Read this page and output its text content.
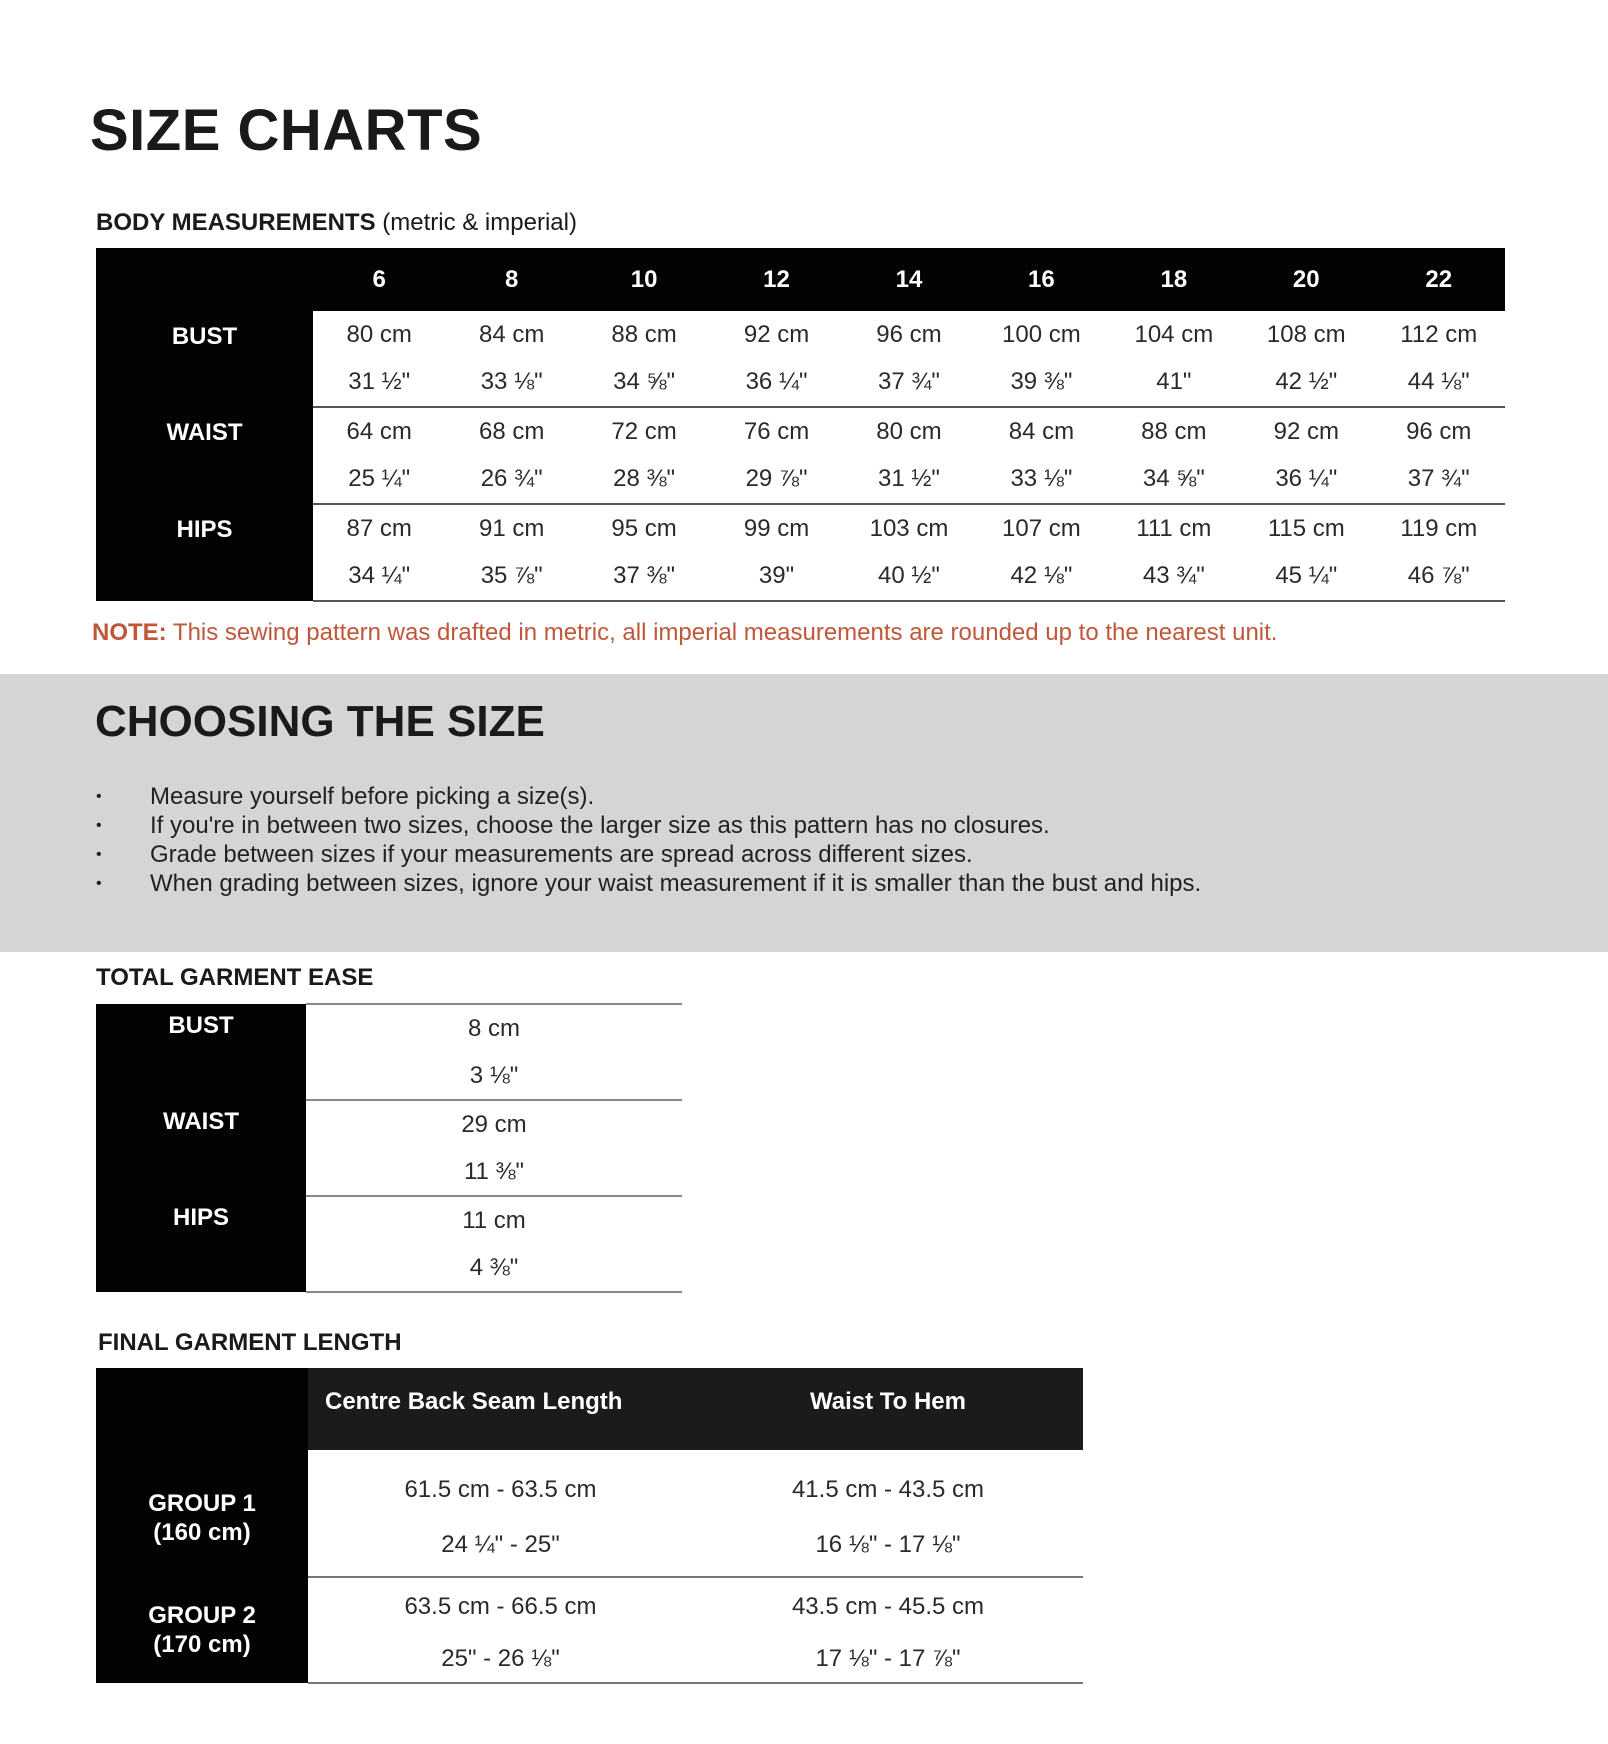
SIZE CHARTS
BODY MEASUREMENTS (metric & imperial)
	6	8	10	12	14	16	18	20	22
BUST	80 cm	84 cm	88 cm	92 cm	96 cm	100 cm	104 cm	108 cm	112 cm
	31 ½"	33 ⅛"	34 ⅝"	36 ¼"	37 ¾"	39 ⅜"	41"	42 ½"	44 ⅛"
WAIST	64 cm	68 cm	72 cm	76 cm	80 cm	84 cm	88 cm	92 cm	96 cm
	25 ¼"	26 ¾"	28 ⅜"	29 ⅞"	31 ½"	33 ⅛"	34 ⅝"	36 ¼"	37 ¾"
HIPS	87 cm	91 cm	95 cm	99 cm	103 cm	107 cm	111 cm	115 cm	119 cm
	34 ¼"	35 ⅞"	37 ⅜"	39"	40 ½"	42 ⅛"	43 ¾"	45 ¼"	46 ⅞"

NOTE: This sewing pattern was drafted in metric, all imperial measurements are rounded up to the nearest unit.

CHOOSING THE SIZE
• Measure yourself before picking a size(s).
• If you're in between two sizes, choose the larger size as this pattern has no closures.
• Grade between sizes if your measurements are spread across different sizes.
• When grading between sizes, ignore your waist measurement if it is smaller than the bust and hips.
TOTAL GARMENT EASE
BUST	8 cm
	3 ⅛"
WAIST	29 cm
	11 ⅜"
HIPS	11 cm
	4 ⅜"
FINAL GARMENT LENGTH
	Centre Back Seam Length	Waist To Hem
GROUP 1
(160 cm)	61.5 cm - 63.5 cm	41.5 cm - 43.5 cm
	24 ¼" - 25"	16 ⅛" - 17 ⅛"
GROUP 2
(170 cm)	63.5 cm - 66.5 cm	43.5 cm - 45.5 cm
	25" - 26 ⅛"	17 ⅛" - 17 ⅞"
